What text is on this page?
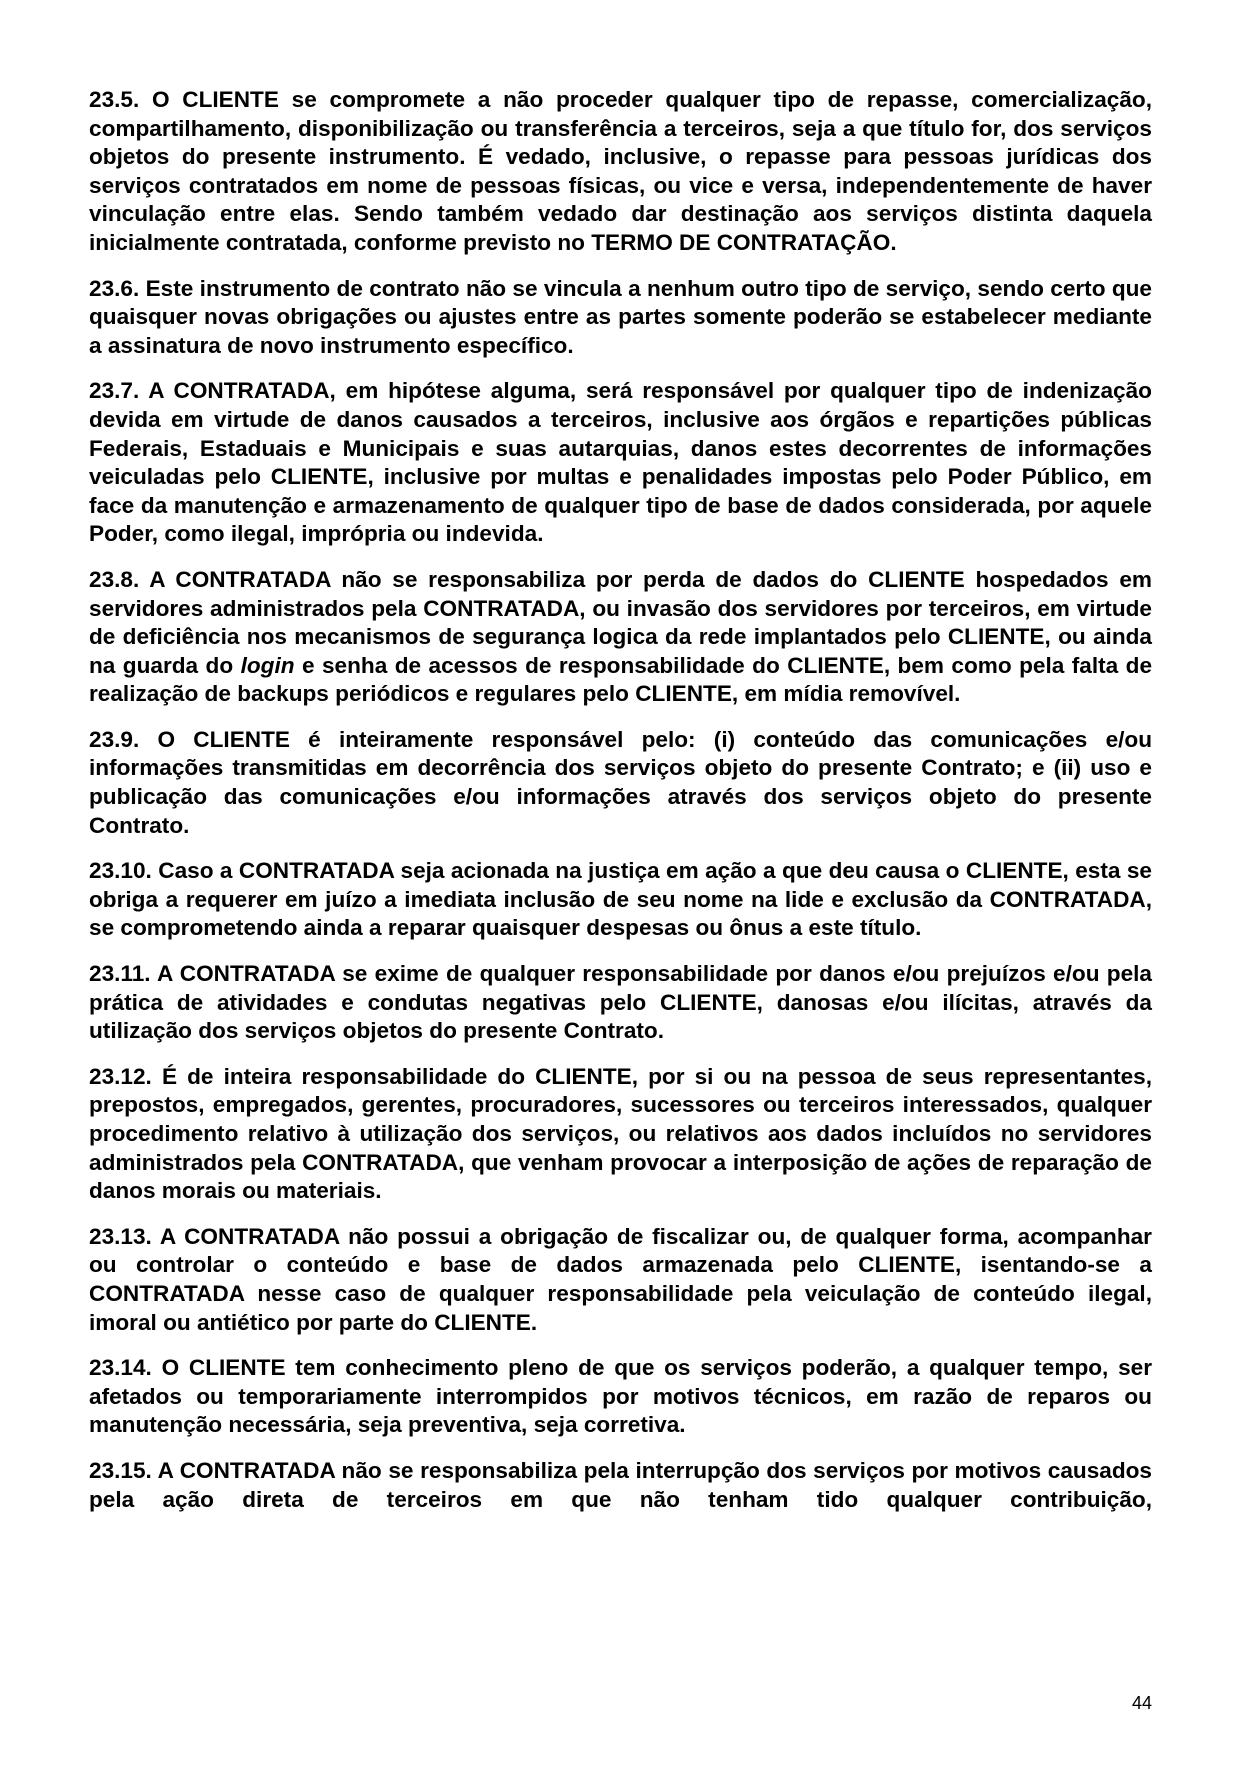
23.5. O CLIENTE se compromete a não proceder qualquer tipo de repasse, comercialização, compartilhamento, disponibilização ou transferência a terceiros, seja a que título for, dos serviços objetos do presente instrumento. É vedado, inclusive, o repasse para pessoas jurídicas dos serviços contratados em nome de pessoas físicas, ou vice e versa, independentemente de haver vinculação entre elas. Sendo também vedado dar destinação aos serviços distinta daquela inicialmente contratada, conforme previsto no TERMO DE CONTRATAÇÃO.

23.6. Este instrumento de contrato não se vincula a nenhum outro tipo de serviço, sendo certo que quaisquer novas obrigações ou ajustes entre as partes somente poderão se estabelecer mediante a assinatura de novo instrumento específico.

23.7. A CONTRATADA, em hipótese alguma, será responsável por qualquer tipo de indenização devida em virtude de danos causados a terceiros, inclusive aos órgãos e repartições públicas Federais, Estaduais e Municipais e suas autarquias, danos estes decorrentes de informações veiculadas pelo CLIENTE, inclusive por multas e penalidades impostas pelo Poder Público, em face da manutenção e armazenamento de qualquer tipo de base de dados considerada, por aquele Poder, como ilegal, imprópria ou indevida.

23.8. A CONTRATADA não se responsabiliza por perda de dados do CLIENTE hospedados em servidores administrados pela CONTRATADA, ou invasão dos servidores por terceiros, em virtude de deficiência nos mecanismos de segurança logica da rede implantados pelo CLIENTE, ou ainda na guarda do login e senha de acessos de responsabilidade do CLIENTE, bem como pela falta de realização de backups periódicos e regulares pelo CLIENTE, em mídia removível.

23.9. O CLIENTE é inteiramente responsável pelo: (i) conteúdo das comunicações e/ou informações transmitidas em decorrência dos serviços objeto do presente Contrato; e (ii) uso e publicação das comunicações e/ou informações através dos serviços objeto do presente Contrato.

23.10. Caso a CONTRATADA seja acionada na justiça em ação a que deu causa o CLIENTE, esta se obriga a requerer em juízo a imediata inclusão de seu nome na lide e exclusão da CONTRATADA, se comprometendo ainda a reparar quaisquer despesas ou ônus a este título.

23.11. A CONTRATADA se exime de qualquer responsabilidade por danos e/ou prejuízos e/ou pela prática de atividades e condutas negativas pelo CLIENTE, danosas e/ou ilícitas, através da utilização dos serviços objetos do presente Contrato.

23.12. É de inteira responsabilidade do CLIENTE, por si ou na pessoa de seus representantes, prepostos, empregados, gerentes, procuradores, sucessores ou terceiros interessados, qualquer procedimento relativo à utilização dos serviços, ou relativos aos dados incluídos no servidores administrados pela CONTRATADA, que venham provocar a interposição de ações de reparação de danos morais ou materiais.

23.13. A CONTRATADA não possui a obrigação de fiscalizar ou, de qualquer forma, acompanhar ou controlar o conteúdo e base de dados armazenada pelo CLIENTE, isentando-se a CONTRATADA nesse caso de qualquer responsabilidade pela veiculação de conteúdo ilegal, imoral ou antiético por parte do CLIENTE.

23.14. O CLIENTE tem conhecimento pleno de que os serviços poderão, a qualquer tempo, ser afetados ou temporariamente interrompidos por motivos técnicos, em razão de reparos ou manutenção necessária, seja preventiva, seja corretiva.

23.15. A CONTRATADA não se responsabiliza pela interrupção dos serviços por motivos causados pela ação direta de terceiros em que não tenham tido qualquer contribuição,

44
